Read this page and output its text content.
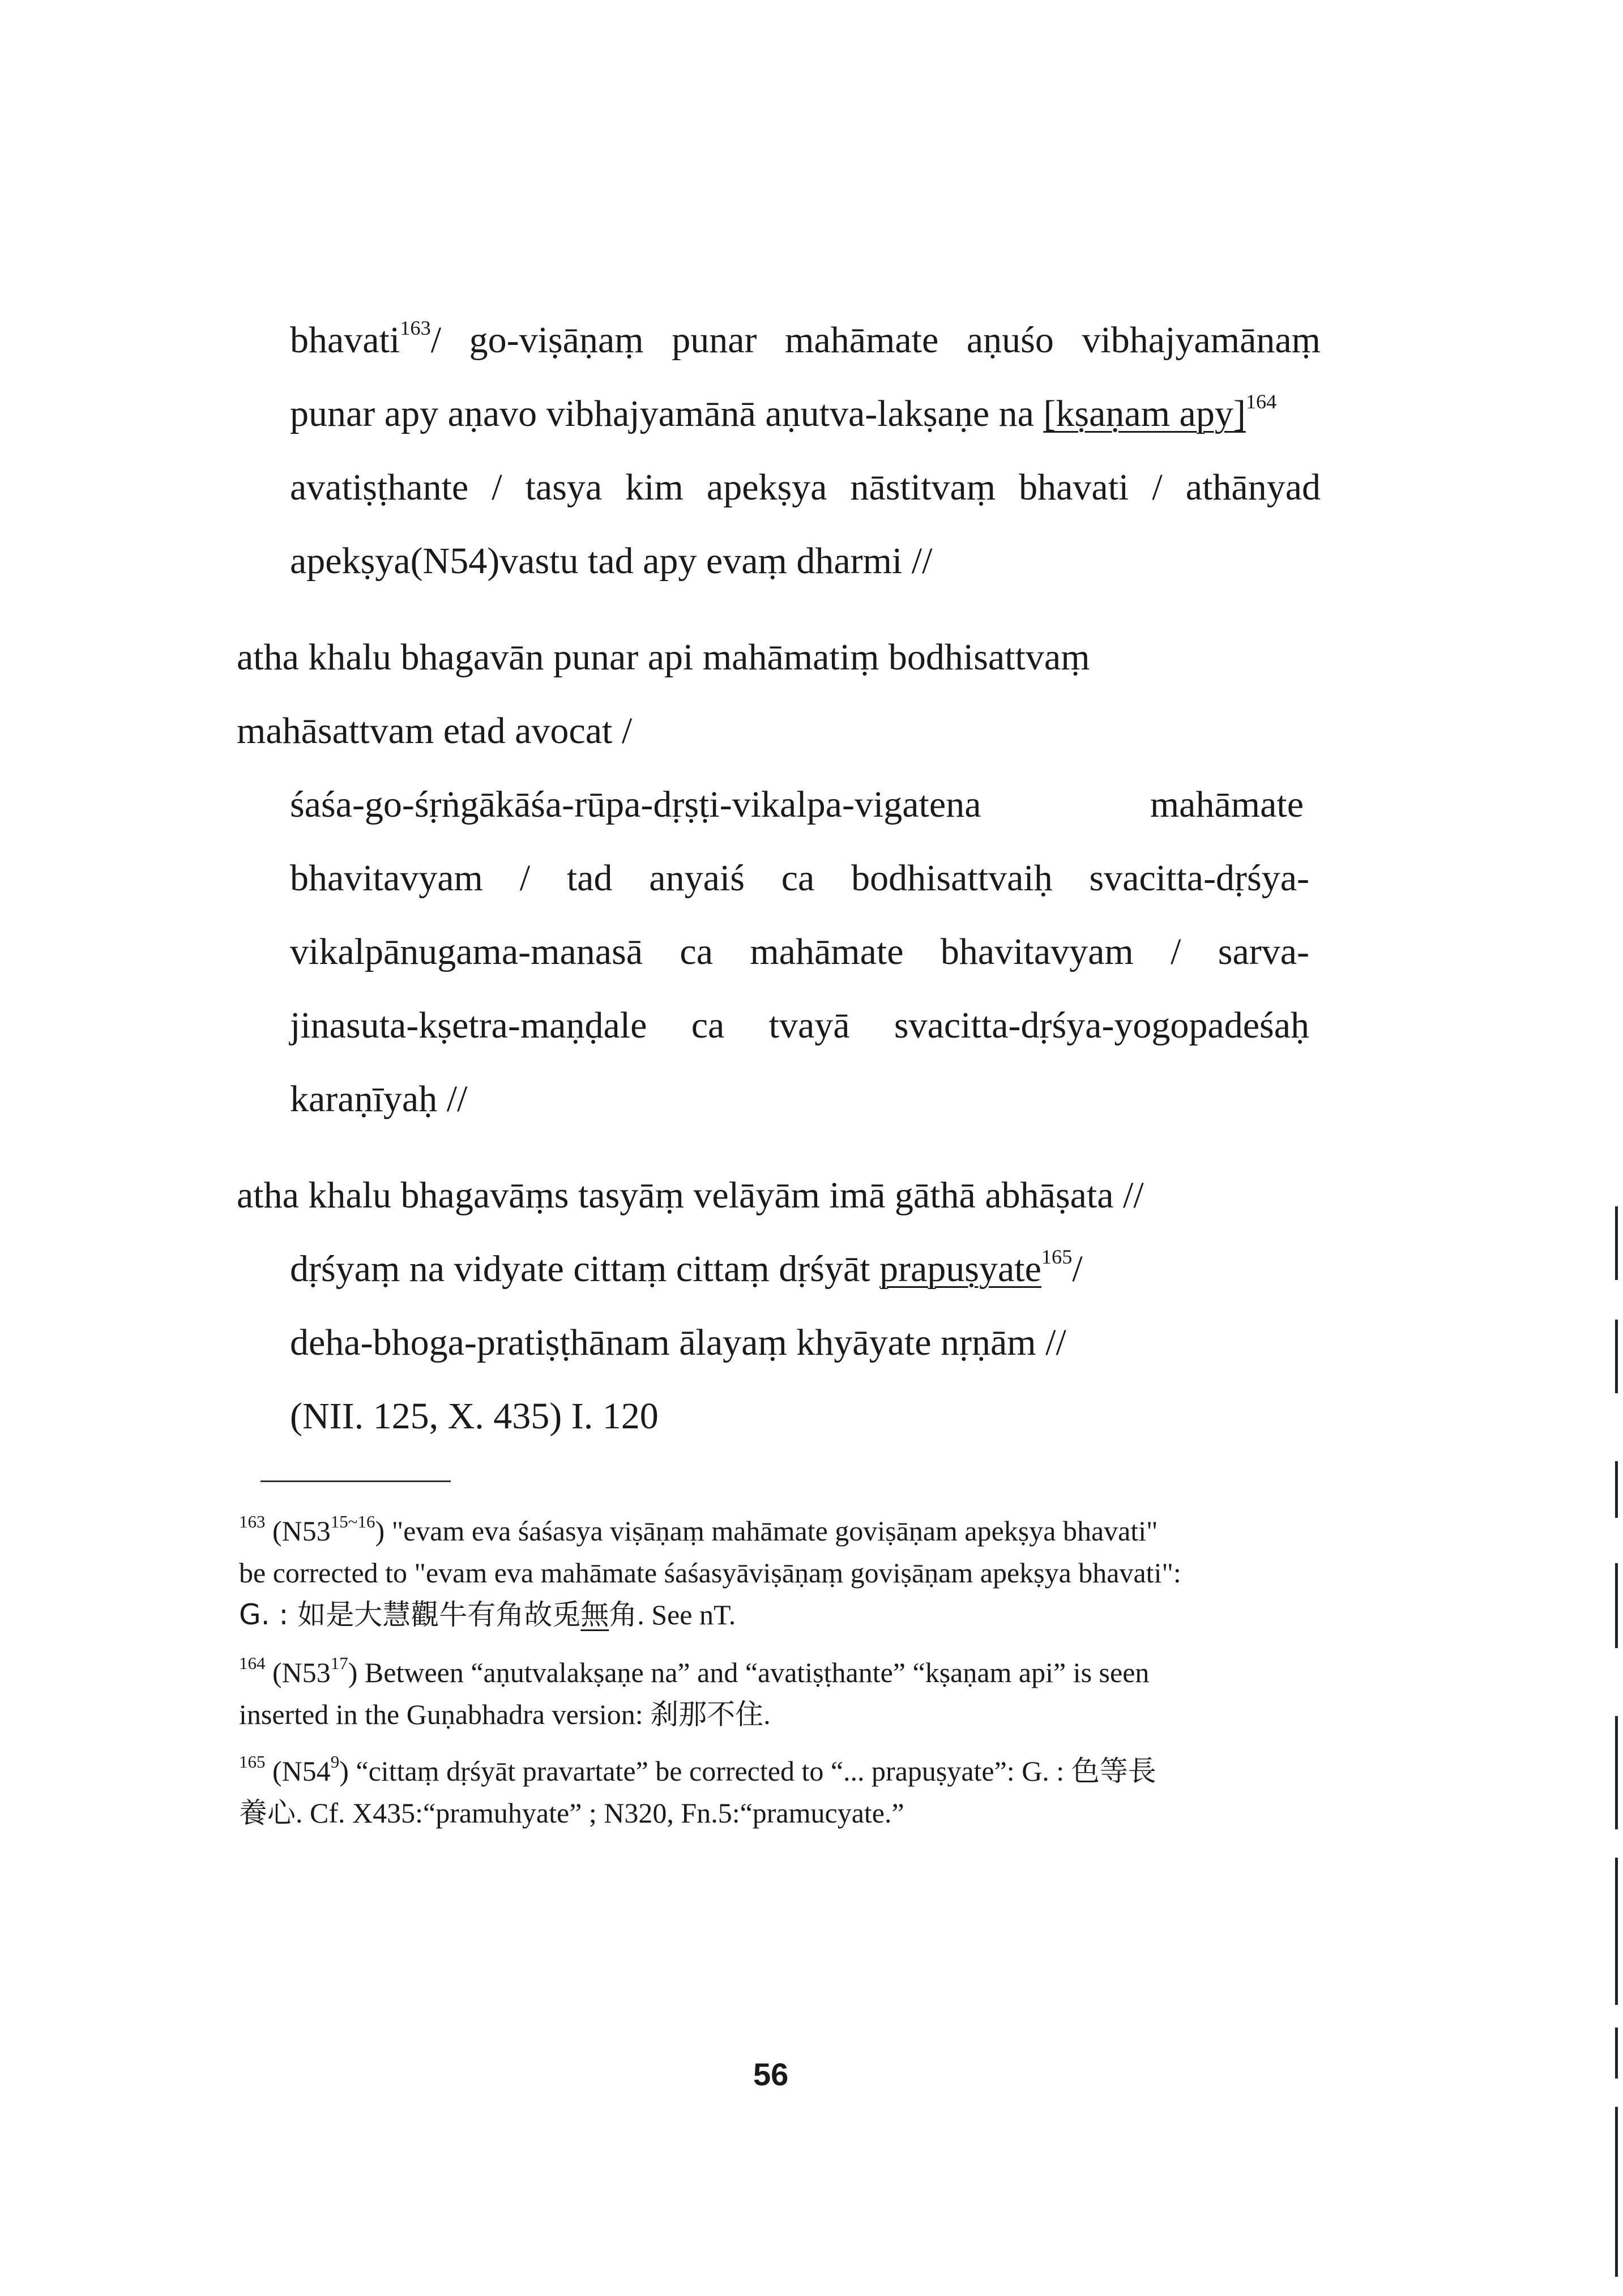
bhavati$^{163}$/ go-viṣāṇaṃ punar mahāmate aṇuśo vibhajyamānaṃ
punar apy aṇavo vibhajyamānā aṇutva-lakṣaṇe na [kṣaṇam apy]$^{164}$
avatiṣṭhante / tasya kim apekṣya nāstitvaṃ bhavati / athānyad
apekṣya(N54)vastu tad apy evaṃ dharmi //
atha khalu bhagavān punar api mahāmatiṃ bodhisattvaṃ
mahāsattvam etad avocat /
śaśa-go-śṛṅgākāśa-rūpa-dṛṣṭi-vikalpa-vigatena mahāmate
bhavitavyam / tad anyaiś ca bodhisattvaiḥ svacitta-dṛśya-
vikalpānugama-manasā ca mahāmate bhavitavyam / sarva-
jinasuta-kṣetra-maṇḍale ca tvayā svacitta-dṛśya-yogopadeśaḥ
karaṇīyaḥ //
atha khalu bhagavāṃs tasyāṃ velāyām imā gāthā abhāṣata //
dṛśyaṃ na vidyate cittaṃ cittaṃ dṛśyāt prapuṣyate$^{165}$/
deha-bhoga-pratiṣṭhānam ālayaṃ khyāyate nṛṇām //
(NII. 125, X. 435) I. 120
$^{163}$ $(N53^{15\sim 16})$ "evam eva śaśasya viṣāṇaṃ mahāmate goviṣāṇam apekṣya bhavati"
be corrected to "evam eva mahāmate śaśasyāviṣāṇaṃ goviṣāṇam apekṣya bhavati":
G. : 如是大慧觀牛有角故兎無角. See nT.
$^{164}$ $(N53^{17})$ Between “aṇutvalakṣaṇe na” and “avatiṣṭhante” “kṣaṇam api” is seen
inserted in the Guṇabhadra version: 刹那不住.
$^{165}$ $(N54^9)$ “cittaṃ dṛśyāt pravartate” be corrected to “... prapuṣyate”: G. : 色等長
養心. Cf. X435:“pramuhyate” ; N320, Fn.5:“pramucyate.”
56
